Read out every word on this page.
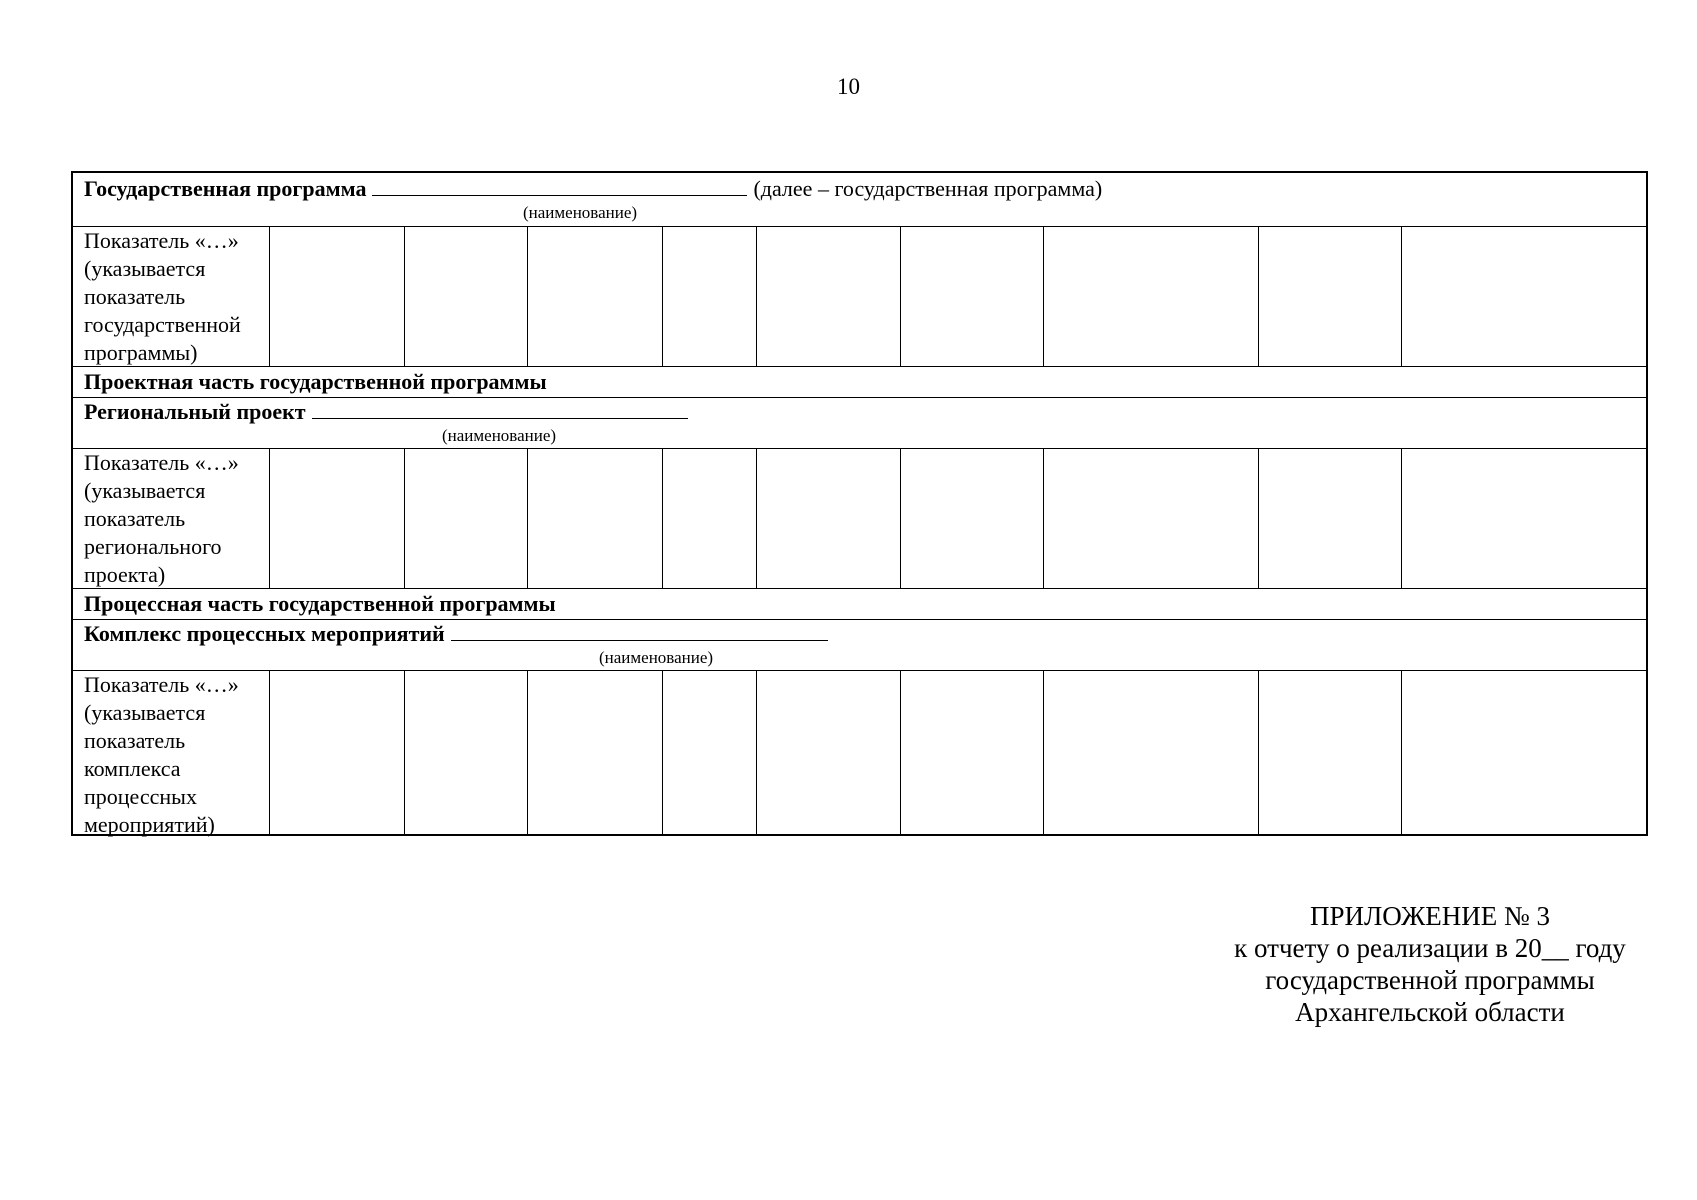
10
Государственная программа	(далее – государственная программа)
(наименование)
Показатель «…» (указывается показатель государственной программы)
Проектная часть государственной программы
Региональный проект
(наименование)
Показатель «…» (указывается показатель регионального проекта)
Процессная часть государственной программы
Комплекс процессных мероприятий
(наименование)
Показатель «…» (указывается показатель комплекса процессных мероприятий)
ПРИЛОЖЕНИЕ № 3
к отчету о реализации в 20__ году
государственной программы
Архангельской области
